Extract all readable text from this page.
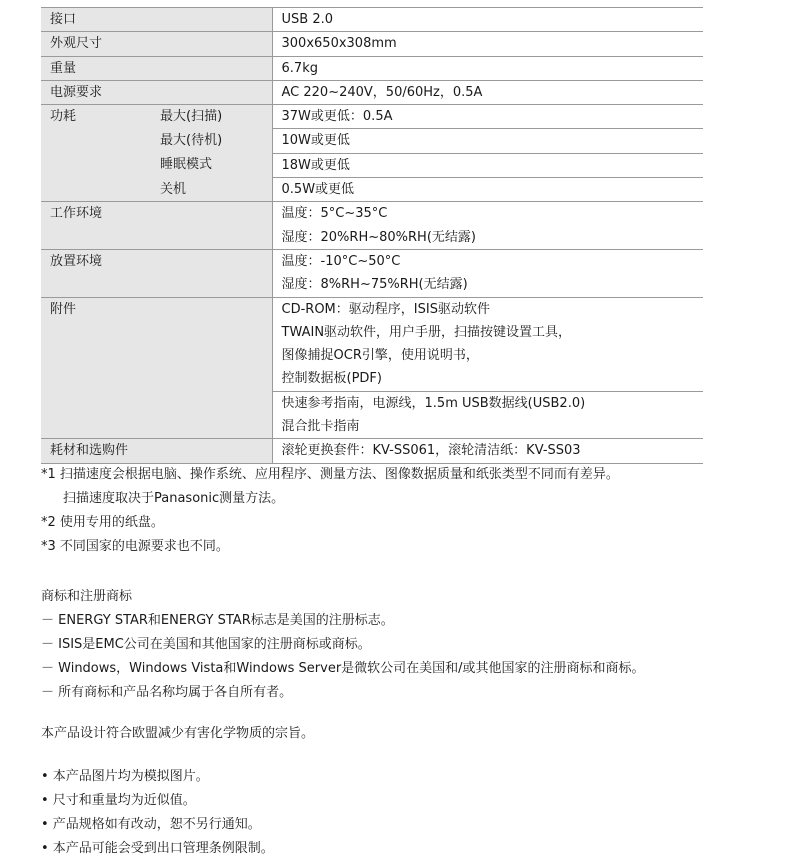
接口		USB 2.0
外观尺寸		300x650x308mm
重量		6.7kg
电源要求		AC 220~240V，50/60Hz，0.5A
功耗	最大(扫描)	37W或更低：0.5A
	最大(待机)	10W或更低
	睡眠模式	18W或更低
	关机	0.5W或更低
工作环境		温度：5°C~35°C
湿度：20%RH~80%RH(无结露)

放置环境		温度：-10°C~50°C
湿度：8%RH~75%RH(无结露)

附件		CD-ROM：驱动程序，ISIS驱动软件
TWAIN驱动软件，用户手册，扫描按键设置工具，
图像捕捉OCR引擎，使用说明书，
控制数据板(PDF)

		快速参考指南，电源线，1.5m USB数据线(USB2.0)
混合批卡指南

耗材和选购件		滚轮更换套件：KV-SS061，滚轮清洁纸：KV-SS03
*1 扫描速度会根据电脑、操作系统、应用程序、测量方法、图像数据质量和纸张类型不同而有差异。
扫描速度取决于Panasonic测量方法。
*2 使用专用的纸盘。
*3 不同国家的电源要求也不同。
商标和注册商标
－ ENERGY STAR和ENERGY STAR标志是美国的注册标志。
－ ISIS是EMC公司在美国和其他国家的注册商标或商标。
－ Windows，Windows Vista和Windows Server是微软公司在美国和/或其他国家的注册商标和商标。
－ 所有商标和产品名称均属于各自所有者。
本产品设计符合欧盟减少有害化学物质的宗旨。
• 本产品图片均为模拟图片。
• 尺寸和重量均为近似值。
• 产品规格如有改动，恕不另行通知。
• 本产品可能会受到出口管理条例限制。
